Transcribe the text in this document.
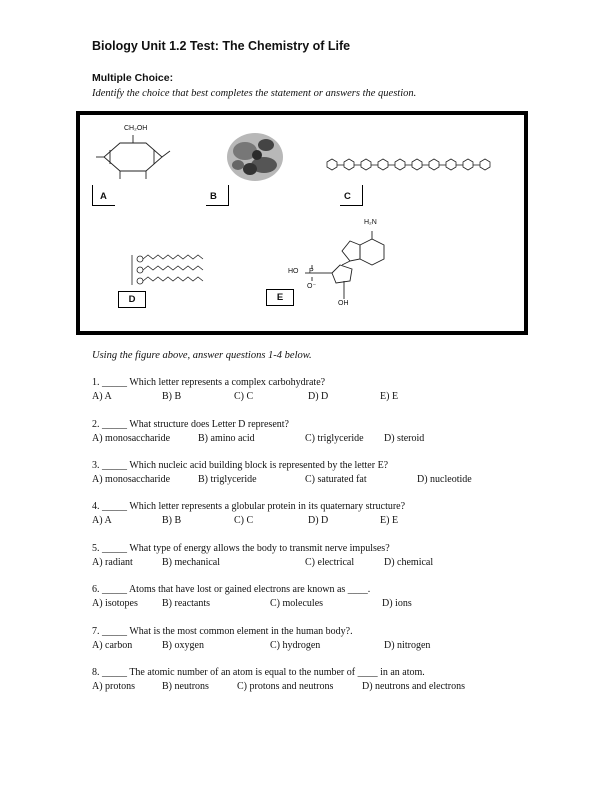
Biology Unit 1.2 Test: The Chemistry of Life
Multiple Choice:
Identify the choice that best completes the statement or answers the question.
CH₂OH
A	B	C
D
H₂N
HO P
O⁻
OH
E
Using the figure above, answer questions 1-4 below.
1. _____ Which letter represents a complex carbohydrate?
A) A	B) B	C) C	D) D	E) E
2. _____ What structure does Letter D represent?
A) monosaccharide	B) amino acid	C) triglyceride D) steroid
3. _____ Which nucleic acid building block is represented by the letter E?
A) monosaccharide	B) triglyceride	C) saturated fat	D) nucleotide
4. _____ Which letter represents a globular protein in its quaternary structure?
A) A	B) B	C) C	D) D	E) E
5. _____ What type of energy allows the body to transmit nerve impulses?
A) radiant	B) mechanical	C) electrical	D) chemical
6. _____ Atoms that have lost or gained electrons are known as ____.
A) isotopes B) reactants	C) molecules	D) ions
7. _____ What is the most common element in the human body?.
A) carbon	B) oxygen	C) hydrogen	D) nitrogen
8. _____ The atomic number of an atom is equal to the number of ____ in an atom.
A) protons	B) neutrons	C) protons and neutrons	D) neutrons and electrons
